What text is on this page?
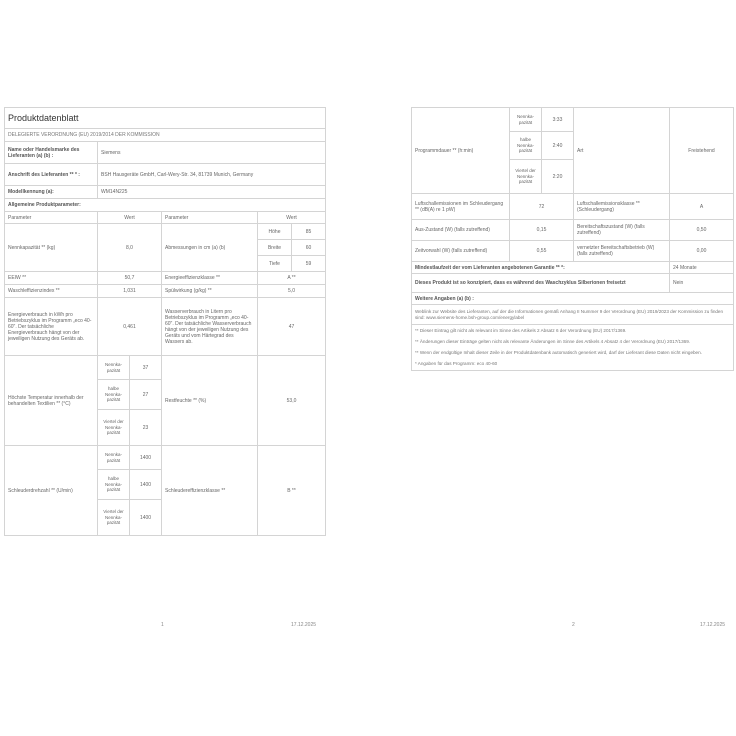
Produktdatenblatt					
DELEGIERTE VERORDNUNG (EU) 2019/2014 DER KOMMISSION					
Name oder Handelsmarke des Lieferanten (a) (b) :	Siemens				
Anschrift des Lieferanten ** * :	BSH Hausgeräte GmbH, Carl-Wery-Str. 34, 81739 Munich, Germany				
Modellkennung (a):	WM14N225				
Allgemeine Produktparameter:					
Parameter	Wert		Parameter	Wert	
Nennkapazität ** (kg)	8,0		Abmessungen in cm (a) (b)	Höhe	85
				Breite	60
				Tiefe	59
EEIW **	50,7		Energieeffizienzklasse **	A **	
Waschleffizienzindex **	1,031		Spülwirkung (g/kg) **	5,0	
Energieverbrauch in kWh pro Betriebszyklus im Programm „eco 40-60". Der tatsächliche Energieverbrauch hängt von der jeweiligen Nutzung des Geräts ab.	0,461		Wasserverbrauch in Litern pro Betriebszyklus im Programm „eco 40-60". Der tatsächliche Wasserverbrauch hängt von der jeweiligen Nutzung des Geräts und vom Härtegrad des Wassers ab.	47	
Höchste Temperatur innerhalb der behandelten Textilien ** (°C)	Nennka-pazität	37	Restfeuchte ** (%)	53,0	
	halbe Nennka-pazität	27			
	Viertel der Nennka-pazität	23			
Schleuderdrehzahl ** (U/min)	Nennka-pazität	1400	Schleudereffizienzklasse **	B **	
	halbe Nennka-pazität	1400			
	Viertel der Nennka-pazität	1400			
1	17.12.2025
Programmdauer ** (h:min)	Nennka-pazität	3:33	Art	Freistehend
	halbe Nennka-pazität	2:40		
	Viertel der Nennka-pazität	2:20		
Luftschallemissionen im Schleudergang ** (dB(A) re 1 pW)	72		Luftschallemissionsklasse ** (Schleudergang)	A
Aus-Zustand (W) (falls zutreffend)	0,15		Bereitschaftszustand (W) (falls zutreffend)	0,50
Zeitvorwahl (W) (falls zutreffend)	0,55		vernetzter Bereitschaftsbetrieb (W) (falls zutreffend)	0,00
Mindestlaufzeit der vom Lieferanten angebotenen Garantie ** *:				24 Monate
Dieses Produkt ist so konzipiert, dass es während des Waschzyklus Silberionen freisetzt				Nein
Weitere Angaben (a) (b) :				
Weblink zur Website des Lieferanten, auf der die Informationen gemäß Anhang II Nummer 9 der Verordnung (EU) 2019/2023 der Kommission zu finden sind: www.siemens-home.bsh-group.com/energylabel				

** Dieser Eintrag gilt nicht als relevant im Sinne des Artikels 2 Absatz 6 der Verordnung (EU) 2017/1369.
** Änderungen dieser Einträge gelten nicht als relevante Änderungen im Sinne des Artikels 4 Absatz 4 der Verordnung (EU) 2017/1369.
** Wenn der endgültige Inhalt dieser Zeile in der Produktdatenbank automatisch generiert wird, darf der Lieferant diese Daten nicht eingeben.
* Angaben für das Programm: eco 40-60				
2	17.12.2025
